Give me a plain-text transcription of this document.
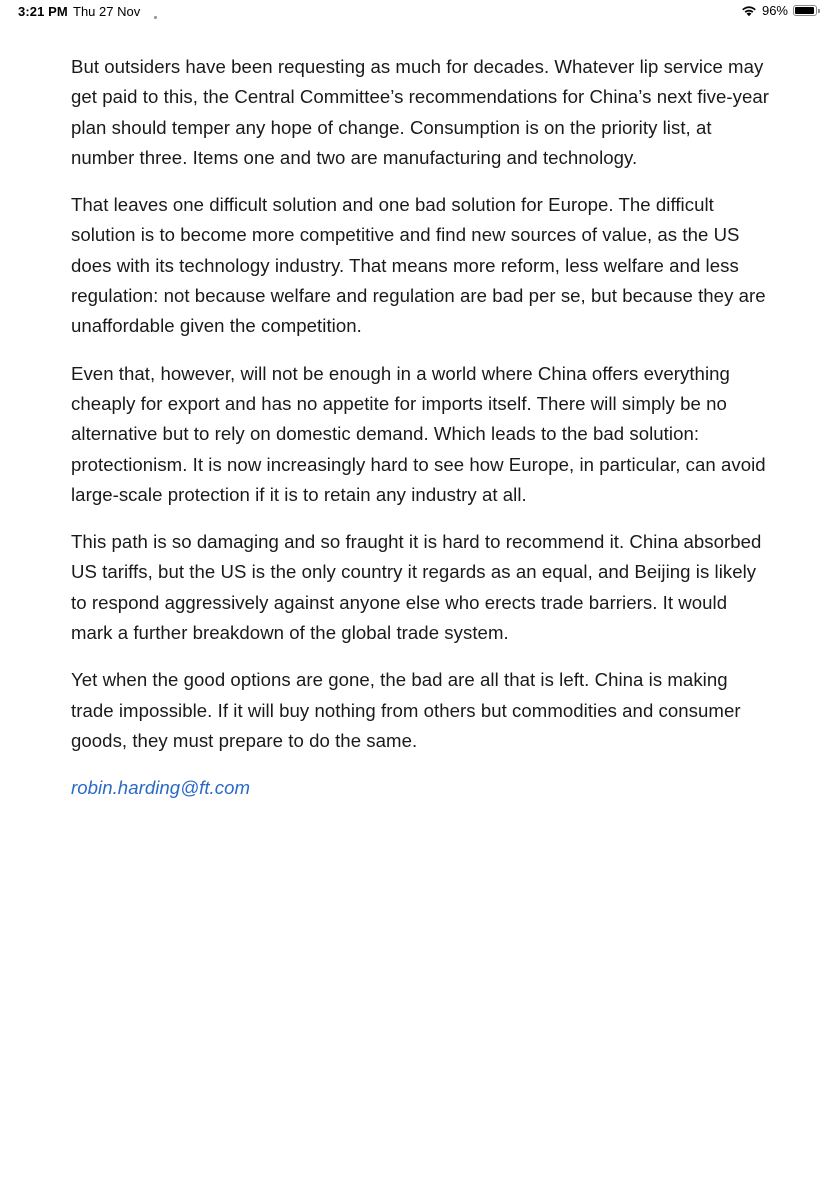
3:21 PM Thu 27 Nov	96%

But outsiders have been requesting as much for decades. Whatever lip service may get paid to this, the Central Committee’s recommendations for China’s next five-year plan should temper any hope of change. Consumption is on the priority list, at number three. Items one and two are manufacturing and technology.

That leaves one difficult solution and one bad solution for Europe. The difficult solution is to become more competitive and find new sources of value, as the US does with its technology industry. That means more reform, less welfare and less regulation: not because welfare and regulation are bad per se, but because they are unaffordable given the competition.

Even that, however, will not be enough in a world where China offers everything cheaply for export and has no appetite for imports itself. There will simply be no alternative but to rely on domestic demand. Which leads to the bad solution: protectionism. It is now increasingly hard to see how Europe, in particular, can avoid large-scale protection if it is to retain any industry at all.

This path is so damaging and so fraught it is hard to recommend it. China absorbed US tariffs, but the US is the only country it regards as an equal, and Beijing is likely to respond aggressively against anyone else who erects trade barriers. It would mark a further breakdown of the global trade system.

Yet when the good options are gone, the bad are all that is left. China is making trade impossible. If it will buy nothing from others but commodities and consumer goods, they must prepare to do the same.

robin.harding@ft.com
